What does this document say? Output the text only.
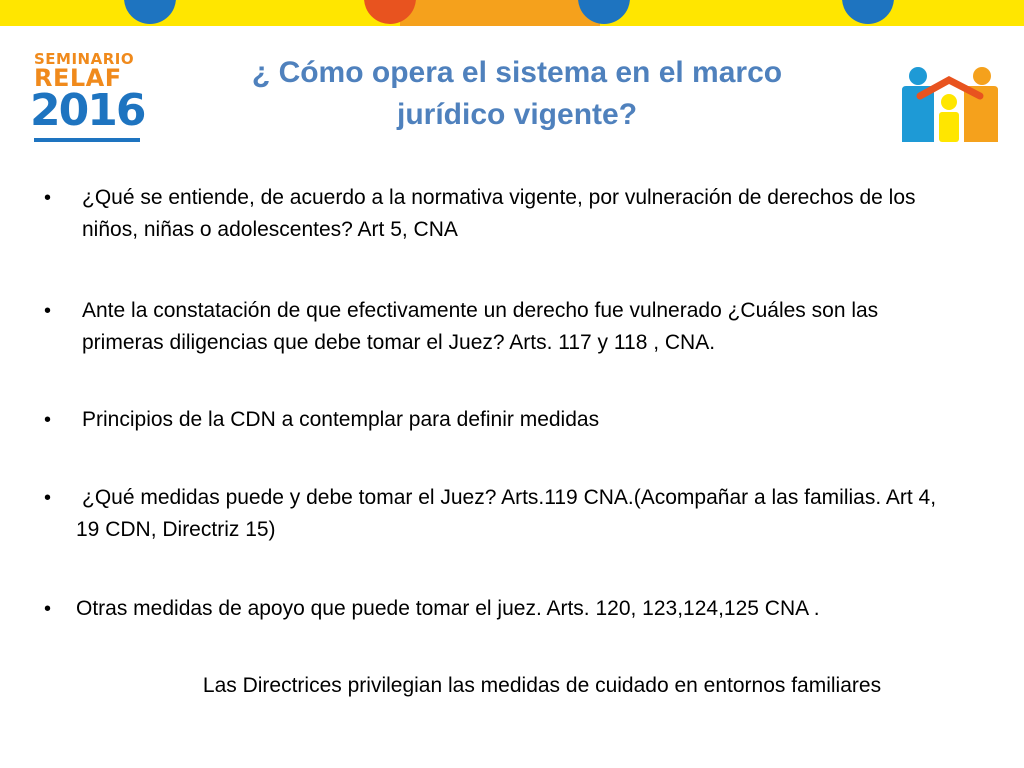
SEMINARIO
RELAF
2016
¿ Cómo opera el sistema en el marco
jurídico vigente?
• ¿Qué se entiende, de acuerdo a la normativa vigente, por vulneración de derechos de los niños, niñas o adolescentes? Art 5, CNA
• Ante la constatación de que efectivamente un derecho fue vulnerado ¿Cuáles son las primeras diligencias que debe tomar el Juez? Arts. 117 y 118 , CNA.
• Principios de la CDN a contemplar para definir medidas
• ¿Qué medidas puede y debe tomar el Juez? Arts.119 CNA.(Acompañar a las familias. Art 4, 19 CDN, Directriz 15)
• Otras medidas de apoyo que puede tomar el juez. Arts. 120, 123,124,125 CNA .
Las Directrices privilegian las medidas de cuidado en entornos familiares
